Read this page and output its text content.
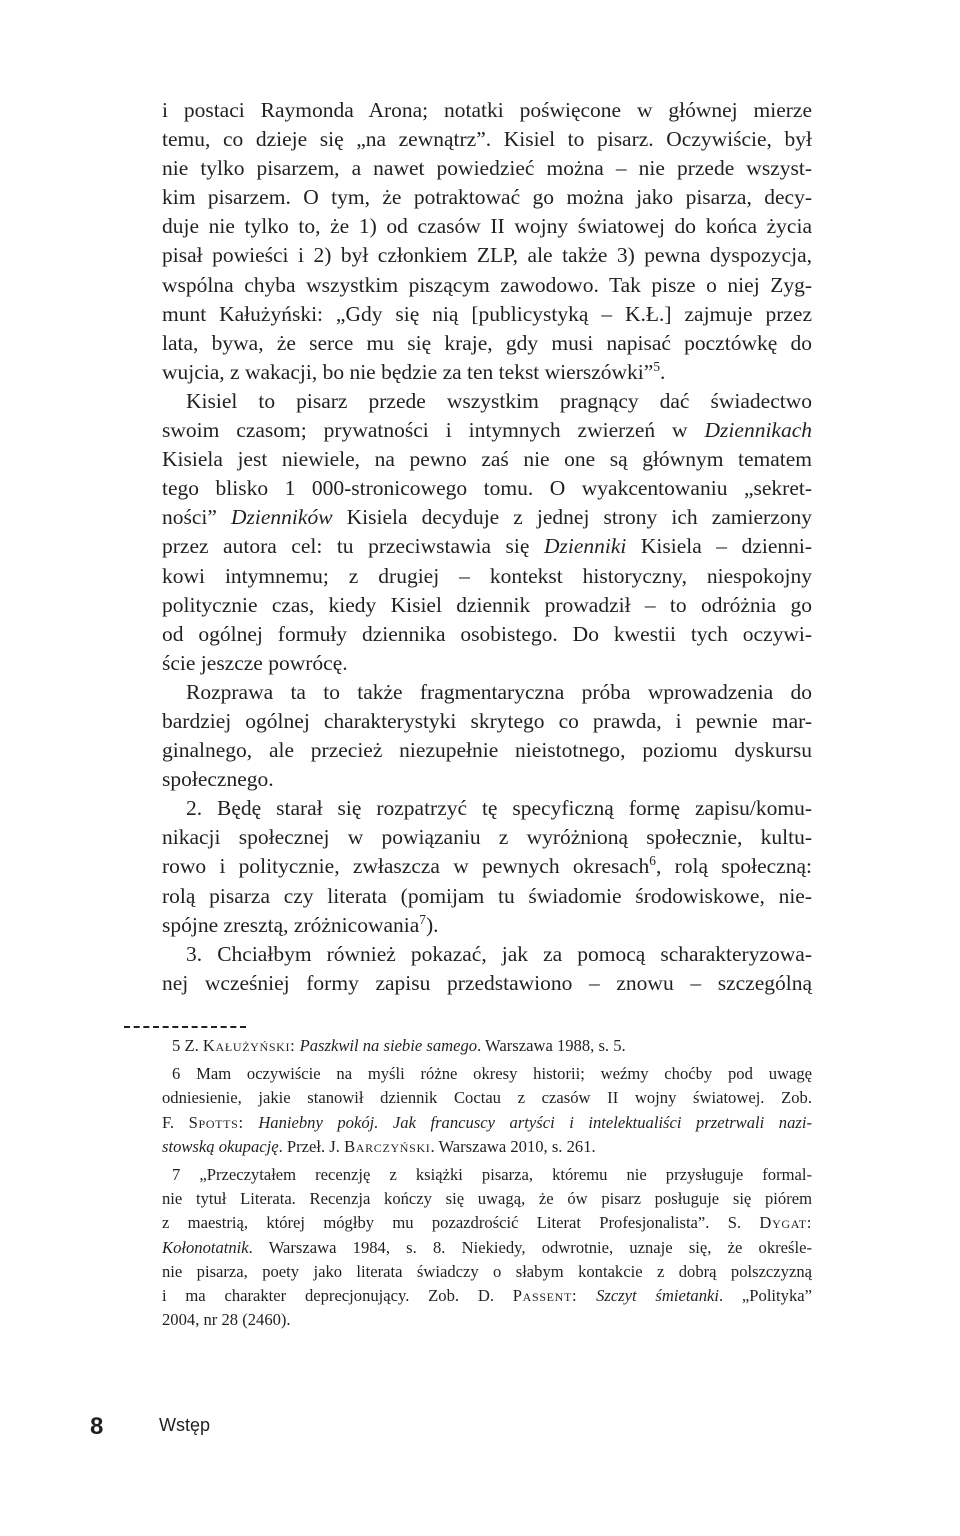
i postaci Raymonda Arona; notatki poświęcone w głównej mierze
temu, co dzieje się „na zewnątrz”. Kisiel to pisarz. Oczywiście, był
nie tylko pisarzem, a nawet powiedzieć można – nie przede wszyst-
kim pisarzem. O tym, że potraktować go można jako pisarza, decy-
duje nie tylko to, że 1) od czasów II wojny światowej do końca życia
pisał powieści i 2) był członkiem ZLP, ale także 3) pewna dyspozycja,
wspólna chyba wszystkim piszącym zawodowo. Tak pisze o niej Zyg-
munt Kałużyński: „Gdy się nią [publicystyką – K.Ł.] zajmuje przez
lata, bywa, że serce mu się kraje, gdy musi napisać pocztówkę do
wujcia, z wakacji, bo nie będzie za ten tekst wierszówki”$^5$.
Kisiel to pisarz przede wszystkim pragnący dać świadectwo
swoim czasom; prywatności i intymnych zwierzeń w Dziennikach
Kisiela jest niewiele, na pewno zaś nie one są głównym tematem
tego blisko 1 000-stronicowego tomu. O wyakcentowaniu „sekret-
ności” Dzienników Kisiela decyduje z jednej strony ich zamierzony
przez autora cel: tu przeciwstawia się Dzienniki Kisiela – dzienni-
kowi intymnemu; z drugiej – kontekst historyczny, niespokojny
politycznie czas, kiedy Kisiel dziennik prowadził – to odróżnia go
od ogólnej formuły dziennika osobistego. Do kwestii tych oczywi-
ście jeszcze powrócę.
Rozprawa ta to także fragmentaryczna próba wprowadzenia do
bardziej ogólnej charakterystyki skrytego co prawda, i pewnie mar-
ginalnego, ale przecież niezupełnie nieistotnego, poziomu dyskursu
społecznego.
2. Będę starał się rozpatrzyć tę specyficzną formę zapisu/komu-
nikacji społecznej w powiązaniu z wyróżnioną społecznie, kultu-
rowo i politycznie, zwłaszcza w pewnych okresach$^6$, rolą społeczną:
rolą pisarza czy literata (pomijam tu świadomie środowiskowe, nie-
spójne zresztą, zróżnicowania$^7$).
3. Chciałbym również pokazać, jak za pomocą scharakteryzowa-
nej wcześniej formy zapisu przedstawiono – znowu – szczególną
5 Z. Kałużyński: Paszkwil na siebie samego. Warszawa 1988, s. 5.
6 Mam oczywiście na myśli różne okresy historii; weźmy choćby pod uwagę
odniesienie, jakie stanowił dziennik Coctau z czasów II wojny światowej. Zob.
F. Spotts: Haniebny pokój. Jak francuscy artyści i intelektualiści przetrwali nazi-
stowską okupację. Przeł. J. Barczyński. Warszawa 2010, s. 261.
7 „Przeczytałem recenzję z książki pisarza, któremu nie przysługuje formal-
nie tytuł Literata. Recenzja kończy się uwagą, że ów pisarz posługuje się piórem
z maestrią, której mógłby mu pozazdrościć Literat Profesjonalista”. S. Dygat:
Kołonotatnik. Warszawa 1984, s. 8. Niekiedy, odwrotnie, uznaje się, że określe-
nie pisarza, poety jako literata świadczy o słabym kontakcie z dobrą polszczyzną
i ma charakter deprecjonujący. Zob. D. Passent: Szczyt śmietanki. „Polityka”
2004, nr 28 (2460).
8	Wstęp
